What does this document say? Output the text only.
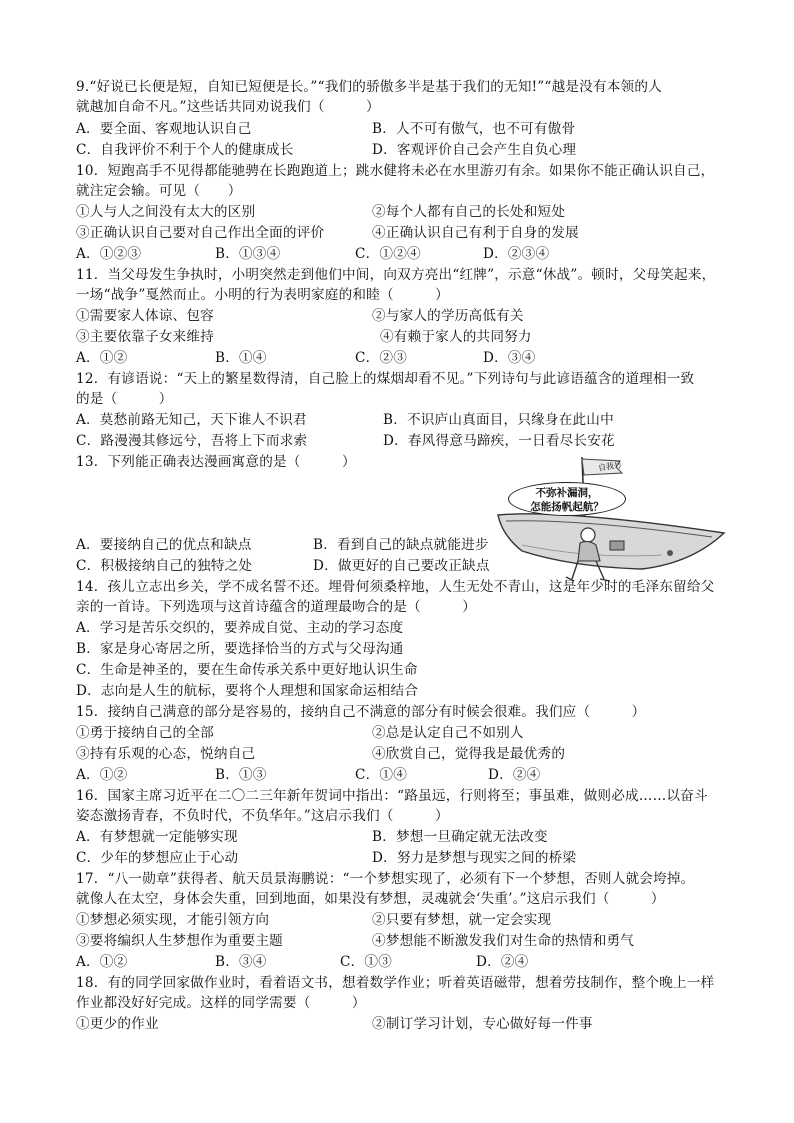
9.“好说已长便是短，自知已短便是长。”“我们的骄傲多半是基于我们的无知!”“越是没有本领的人
就越加自命不凡。”这些话共同劝说我们（　　　）
A．要全面、客观地认识自己	B．人不可有傲气，也不可有傲骨
C．自我评价不利于个人的健康成长	D．客观评价自己会产生自负心理
10．短跑高手不见得都能驰骋在长跑跑道上；跳水健将未必在水里游刃有余。如果你不能正确认识自己，
就注定会输。可见（　　）
①人与人之间没有太大的区别	②每个人都有自己的长处和短处
③正确认识自己要对自己作出全面的评价	④正确认识自己有利于自身的发展
A．①②③	B．①③④	C．①②④	D．②③④
11．当父母发生争执时，小明突然走到他们中间，向双方亮出“红牌”，示意“休战”。顿时，父母笑起来，
一场“战争”戛然而止。小明的行为表明家庭的和睦（　　　）
①需要家人体谅、包容	②与家人的学历高低有关
③主要依靠子女来维持	④有赖于家人的共同努力
A．①②	B．①④	C．②③	D．③④
12．有谚语说：“天上的繁星数得清，自己脸上的煤烟却看不见。”下列诗句与此谚语蕴含的道理相一致
的是（　　　）
A．莫愁前路无知己，天下谁人不识君	B．不识庐山真面目，只缘身在此山中
C．路漫漫其修远兮，吾将上下而求索	D．春风得意马蹄疾，一日看尽长安花
13．下列能正确表达漫画寓意的是（　　　）	自我号
不弥补漏洞，
怎能扬帆起航？
A．要接纳自己的优点和缺点	B．看到自己的缺点就能进步
C．积极接纳自己的独特之处	D．做更好的自己要改正缺点
14．孩儿立志出乡关，学不成名誓不还。埋骨何须桑梓地，人生无处不青山，这是年少时的毛泽东留给父
亲的一首诗。下列选项与这首诗蕴含的道理最吻合的是（　　　）
A．学习是苦乐交织的，要养成自觉、主动的学习态度
B．家是身心寄居之所，要选择恰当的方式与父母沟通
C．生命是神圣的，要在生命传承关系中更好地认识生命
D．志向是人生的航标，要将个人理想和国家命运相结合
15．接纳自己满意的部分是容易的，接纳自己不满意的部分有时候会很难。我们应（　　　）
①勇于接纳自己的全部	②总是认定自己不如别人
③持有乐观的心态，悦纳自己	④欣赏自己，觉得我是最优秀的
A．①②	B．①③	C．①④	D．②④
16．国家主席习近平在二〇二三年新年贺词中指出：“路虽远，行则将至；事虽难，做则必成……以奋斗
姿态激扬青春，不负时代，不负华年。”这启示我们（　　　）
A．有梦想就一定能够实现	B．梦想一旦确定就无法改变
C．少年的梦想应止于心动	D．努力是梦想与现实之间的桥梁
17．“八一勋章”获得者、航天员景海鹏说：“一个梦想实现了，必须有下一个梦想，否则人就会垮掉。
就像人在太空，身体会失重，回到地面，如果没有梦想，灵魂就会‘失重’。”这启示我们（　　　）
①梦想必须实现，才能引领方向	②只要有梦想，就一定会实现
③要将编织人生梦想作为重要主题	④梦想能不断激发我们对生命的热情和勇气
A．①②	B．③④	C．①③	D．②④
18．有的同学回家做作业时，看着语文书，想着数学作业；听着英语磁带，想着劳技制作，整个晚上一样
作业都没好好完成。这样的同学需要（　　　）
①更少的作业	②制订学习计划，专心做好每一件事
